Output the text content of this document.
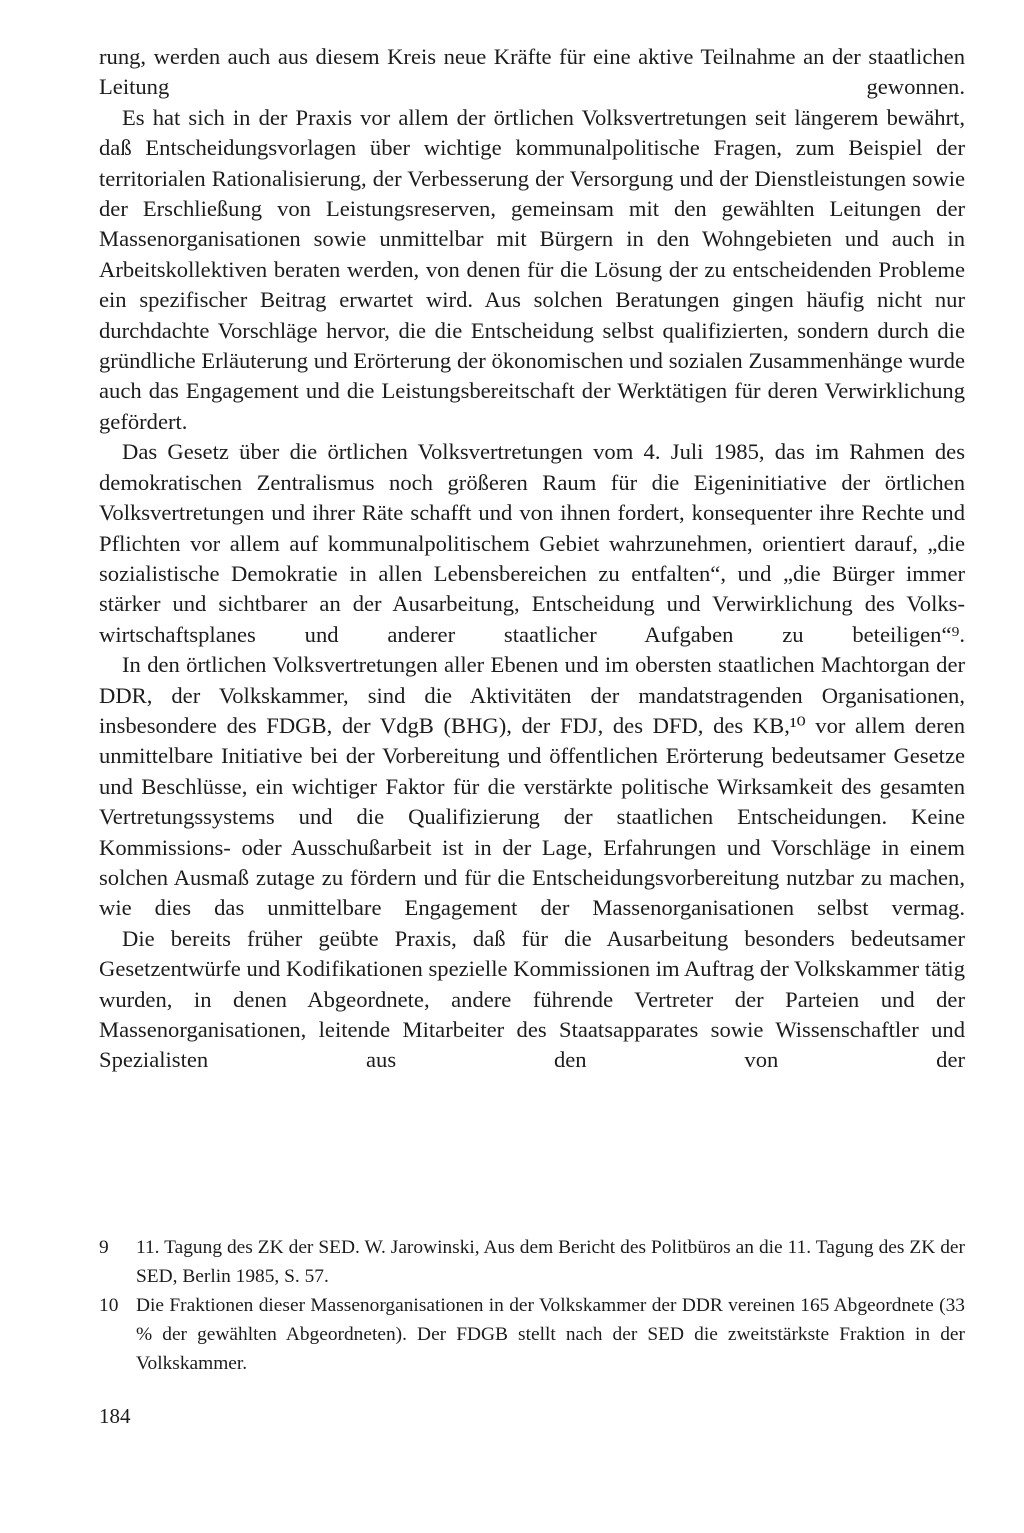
rung, werden auch aus diesem Kreis neue Kräfte für eine aktive Teilnahme an der staatlichen Leitung gewonnen.

Es hat sich in der Praxis vor allem der örtlichen Volksvertretungen seit längerem bewährt, daß Entscheidungsvorlagen über wichtige kommunalpolitische Fragen, zum Beispiel der territorialen Rationalisierung, der Verbesserung der Versorgung und der Dienstleistungen sowie der Erschließung von Leistungsreserven, gemeinsam mit den gewählten Leitungen der Massenorganisationen sowie unmittelbar mit Bürgern in den Wohngebieten und auch in Arbeitskollektiven beraten werden, von denen für die Lösung der zu entscheidenden Probleme ein spezifischer Beitrag erwartet wird. Aus solchen Beratungen gingen häufig nicht nur durchdachte Vorschläge hervor, die die Entscheidung selbst qualifizierten, sondern durch die gründliche Erläuterung und Erörterung der ökonomischen und sozialen Zusammenhänge wurde auch das Engagement und die Leistungsbereitschaft der Werktätigen für deren Verwirklichung gefördert.

Das Gesetz über die örtlichen Volksvertretungen vom 4. Juli 1985, das im Rahmen des demokratischen Zentralismus noch größeren Raum für die Eigeninitiative der örtlichen Volksvertretungen und ihrer Räte schafft und von ihnen fordert, konsequenter ihre Rechte und Pflichten vor allem auf kommunalpolitischem Gebiet wahrzunehmen, orientiert darauf, „die sozialistische Demokratie in allen Lebensbereichen zu entfalten“, und „die Bürger immer stärker und sichtbarer an der Ausarbeitung, Entscheidung und Verwirklichung des Volkswirtschaftsplanes und anderer staatlicher Aufgaben zu beteiligen“⁹.

In den örtlichen Volksvertretungen aller Ebenen und im obersten staatlichen Machtorgan der DDR, der Volkskammer, sind die Aktivitäten der mandatstragenden Organisationen, insbesondere des FDGB, der VdgB (BHG), der FDJ, des DFD, des KB,¹⁰ vor allem deren unmittelbare Initiative bei der Vorbereitung und öffentlichen Erörterung bedeutsamer Gesetze und Beschlüsse, ein wichtiger Faktor für die verstärkte politische Wirksamkeit des gesamten Vertretungssystems und die Qualifizierung der staatlichen Entscheidungen. Keine Kommissions- oder Ausschußarbeit ist in der Lage, Erfahrungen und Vorschläge in einem solchen Ausmaß zutage zu fördern und für die Entscheidungsvorbereitung nutzbar zu machen, wie dies das unmittelbare Engagement der Massenorganisationen selbst vermag.

Die bereits früher geübte Praxis, daß für die Ausarbeitung besonders bedeutsamer Gesetzentwürfe und Kodifikationen spezielle Kommissionen im Auftrag der Volkskammer tätig wurden, in denen Abgeordnete, andere führende Vertreter der Parteien und der Massenorganisationen, leitende Mitarbeiter des Staatsapparates sowie Wissenschaftler und Spezialisten aus den von der

9	11. Tagung des ZK der SED. W. Jarowinski, Aus dem Bericht des Politbüros an die 11. Tagung des ZK der SED, Berlin 1985, S. 57.
10 Die Fraktionen dieser Massenorganisationen in der Volkskammer der DDR vereinen 165 Abgeordnete (33 % der gewählten Abgeordneten). Der FDGB stellt nach der SED die zweitstärkste Fraktion in der Volkskammer.
184
